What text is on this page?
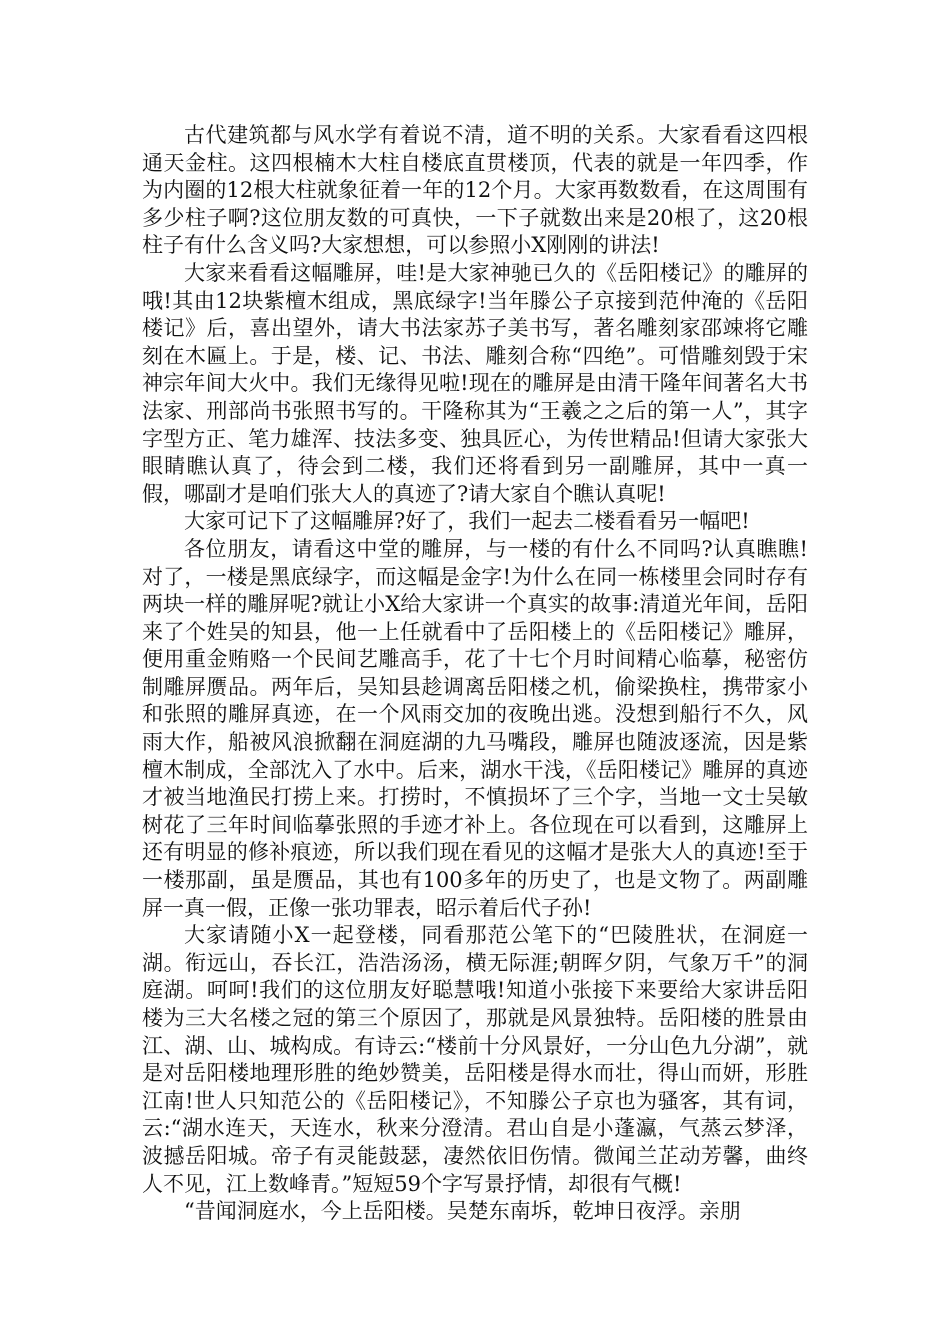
古代建筑都与风水学有着说不清，道不明的关系。大家看看这四根通天金柱。这四根楠木大柱自楼底直贯楼顶，代表的就是一年四季，作为内圈的12根大柱就象征着一年的12个月。大家再数数看，在这周围有多少柱子啊?这位朋友数的可真快，一下子就数出来是20根了，这20根柱子有什么含义吗?大家想想，可以参照小X刚刚的讲法!

大家来看看这幅雕屏，哇!是大家神驰已久的《岳阳楼记》的雕屏的哦!其由12块紫檀木组成，黑底绿字!当年滕公子京接到范仲淹的《岳阳楼记》后，喜出望外，请大书法家苏子美书写，著名雕刻家邵竦将它雕刻在木匾上。于是，楼、记、书法、雕刻合称“四绝”。可惜雕刻毁于宋神宗年间大火中。我们无缘得见啦!现在的雕屏是由清干隆年间著名大书法家、刑部尚书张照书写的。干隆称其为“王羲之之后的第一人”，其字字型方正、笔力雄浑、技法多变、独具匠心，为传世精品!但请大家张大眼睛瞧认真了，待会到二楼，我们还将看到另一副雕屏，其中一真一假，哪副才是咱们张大人的真迹了?请大家自个瞧认真呢!

大家可记下了这幅雕屏?好了，我们一起去二楼看看另一幅吧!

各位朋友，请看这中堂的雕屏，与一楼的有什么不同吗?认真瞧瞧!对了，一楼是黑底绿字，而这幅是金字!为什么在同一栋楼里会同时存有两块一样的雕屏呢?就让小X给大家讲一个真实的故事:清道光年间，岳阳来了个姓吴的知县，他一上任就看中了岳阳楼上的《岳阳楼记》雕屏，便用重金贿赂一个民间艺雕高手，花了十七个月时间精心临摹，秘密仿制雕屏赝品。两年后，吴知县趁调离岳阳楼之机，偷梁换柱，携带家小和张照的雕屏真迹，在一个风雨交加的夜晚出逃。没想到船行不久，风雨大作，船被风浪掀翻在洞庭湖的九马嘴段，雕屏也随波逐流，因是紫檀木制成，全部沈入了水中。后来，湖水干浅，《岳阳楼记》雕屏的真迹才被当地渔民打捞上来。打捞时，不慎损坏了三个字，当地一文士吴敏树花了三年时间临摹张照的手迹才补上。各位现在可以看到，这雕屏上还有明显的修补痕迹，所以我们现在看见的这幅才是张大人的真迹!至于一楼那副，虽是赝品，其也有100多年的历史了，也是文物了。两副雕屏一真一假，正像一张功罪表，昭示着后代子孙!

大家请随小X一起登楼，同看那范公笔下的“巴陵胜状，在洞庭一湖。衔远山，吞长江，浩浩汤汤，横无际涯;朝晖夕阴，气象万千”的洞庭湖。呵呵!我们的这位朋友好聪慧哦!知道小张接下来要给大家讲岳阳楼为三大名楼之冠的第三个原因了，那就是风景独特。岳阳楼的胜景由江、湖、山、城构成。有诗云:“楼前十分风景好，一分山色九分湖”，就是对岳阳楼地理形胜的绝妙赞美，岳阳楼是得水而壮，得山而妍，形胜江南!世人只知范公的《岳阳楼记》，不知滕公子京也为骚客，其有词，云:“湖水连天，天连水，秋来分澄清。君山自是小蓬瀛，气蒸云梦泽，波撼岳阳城。帝子有灵能鼓瑟，凄然依旧伤情。微闻兰芷动芳馨，曲终人不见，江上数峰青。”短短59个字写景抒情，却很有气概!

“昔闻洞庭水，今上岳阳楼。吴楚东南坼，乾坤日夜浮。亲朋
